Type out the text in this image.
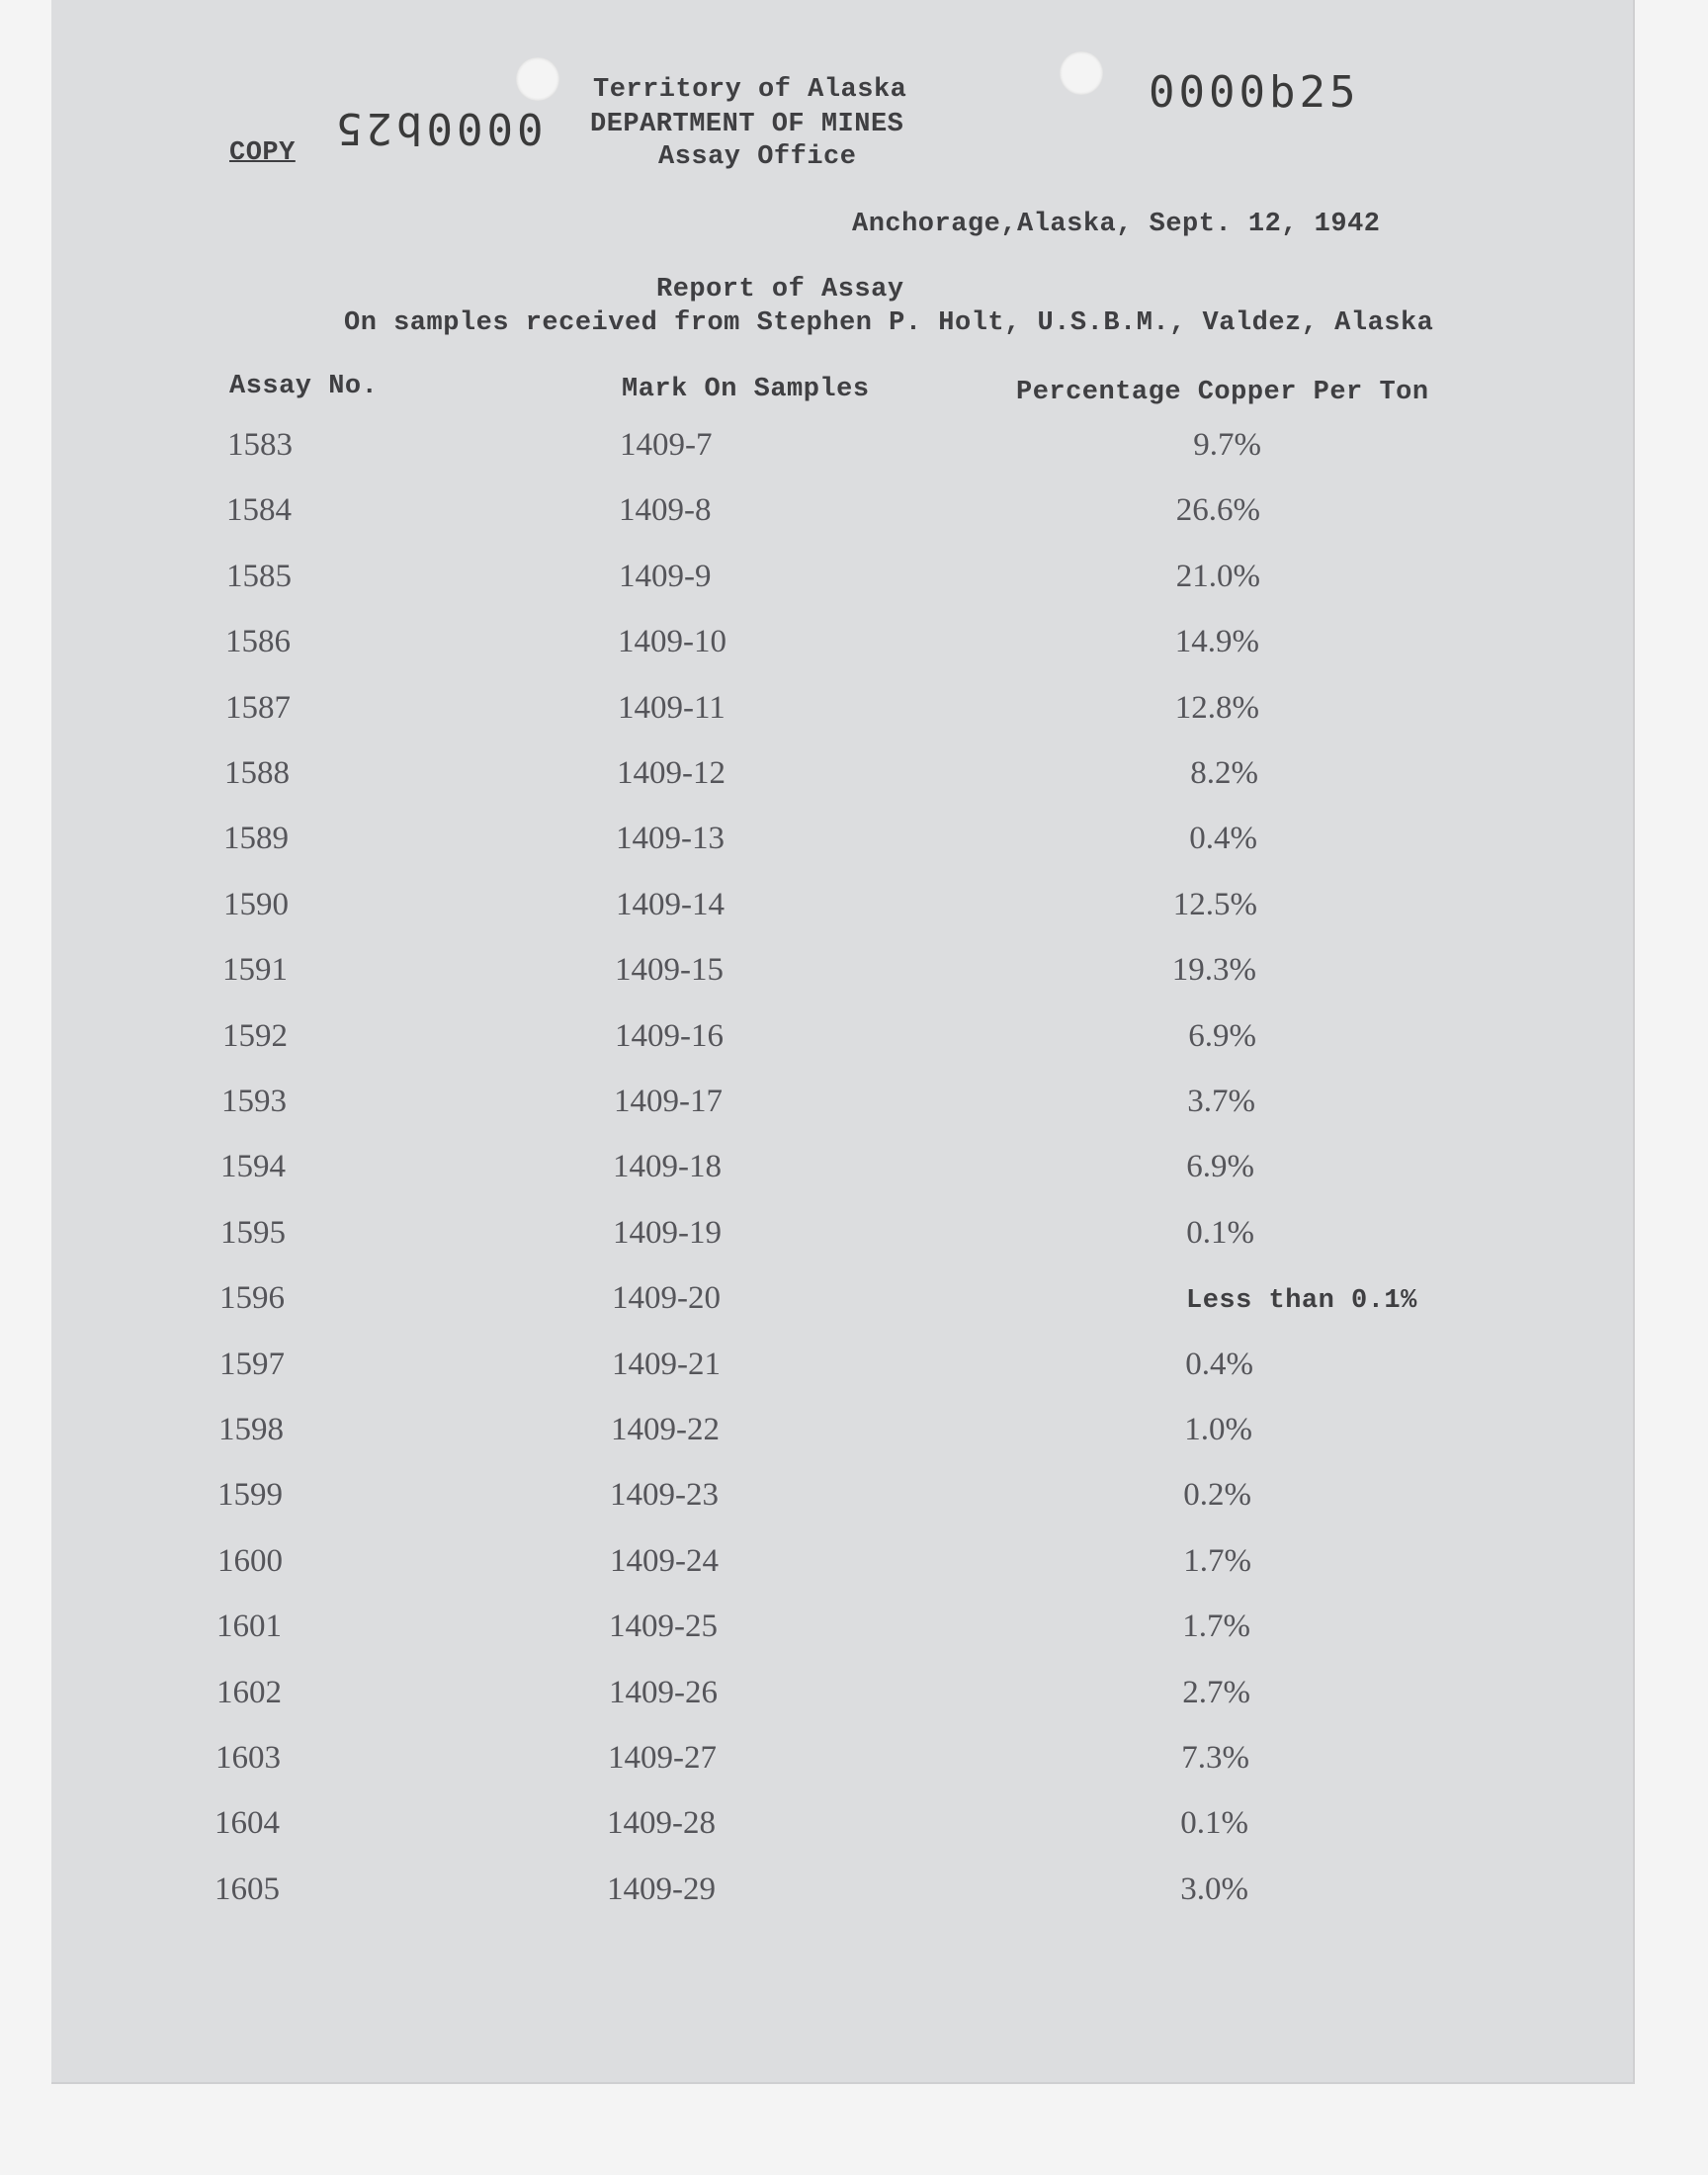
COPY 0000b25
Territory of Alaska
DEPARTMENT OF MINES
Assay Office
0000b25
Anchorage,Alaska, Sept. 12, 1942
Report of Assay
On samples received from Stephen P. Holt, U.S.B.M., Valdez, Alaska
Assay No.	Mark On Samples	Percentage Copper Per Ton
1583	1409-7	9.7%
1584	1409-8	26.6%
1585	1409-9	21.0%
1586	1409-10	14.9%
1587	1409-11	12.8%
1588	1409-12	8.2%
1589	1409-13	0.4%
1590	1409-14	12.5%
1591	1409-15	19.3%
1592	1409-16	6.9%
1593	1409-17	3.7%
1594	1409-18	6.9%
1595	1409-19	0.1%
1596	1409-20	Less than 0.1%
1597	1409-21	0.4%
1598	1409-22	1.0%
1599	1409-23	0.2%
1600	1409-24	1.7%
1601	1409-25	1.7%
1602	1409-26	2.7%
1603	1409-27	7.3%
1604	1409-28	0.1%
1605	1409-29	3.0%
